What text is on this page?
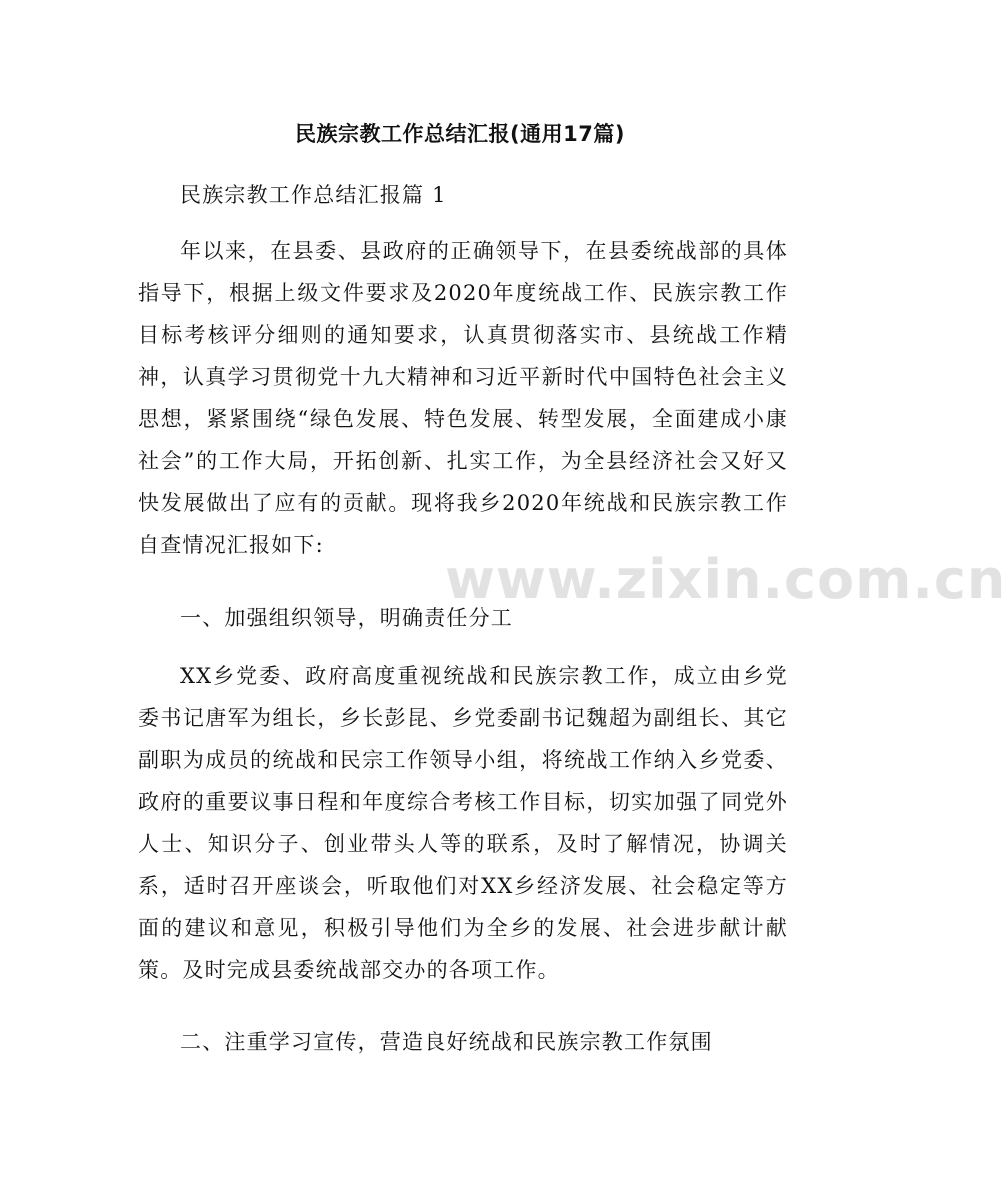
民族宗教工作总结汇报(通用17篇)

民族宗教工作总结汇报篇 1

年以来，在县委、县政府的正确领导下，在县委统战部的具体指导下，根据上级文件要求及2020年度统战工作、民族宗教工作目标考核评分细则的通知要求，认真贯彻落实市、县统战工作精神，认真学习贯彻党十九大精神和习近平新时代中国特色社会主义思想，紧紧围绕“绿色发展、特色发展、转型发展，全面建成小康社会”的工作大局，开拓创新、扎实工作，为全县经济社会又好又快发展做出了应有的贡献。现将我乡2020年统战和民族宗教工作自查情况汇报如下:

一、加强组织领导，明确责任分工

XX乡党委、政府高度重视统战和民族宗教工作，成立由乡党委书记唐军为组长，乡长彭昆、乡党委副书记魏超为副组长、其它副职为成员的统战和民宗工作领导小组，将统战工作纳入乡党委、政府的重要议事日程和年度综合考核工作目标，切实加强了同党外人士、知识分子、创业带头人等的联系，及时了解情况，协调关系，适时召开座谈会，听取他们对XX乡经济发展、社会稳定等方面的建议和意见，积极引导他们为全乡的发展、社会进步献计献策。及时完成县委统战部交办的各项工作。

二、注重学习宣传，营造良好统战和民族宗教工作氛围

www.zixin.com.cn
